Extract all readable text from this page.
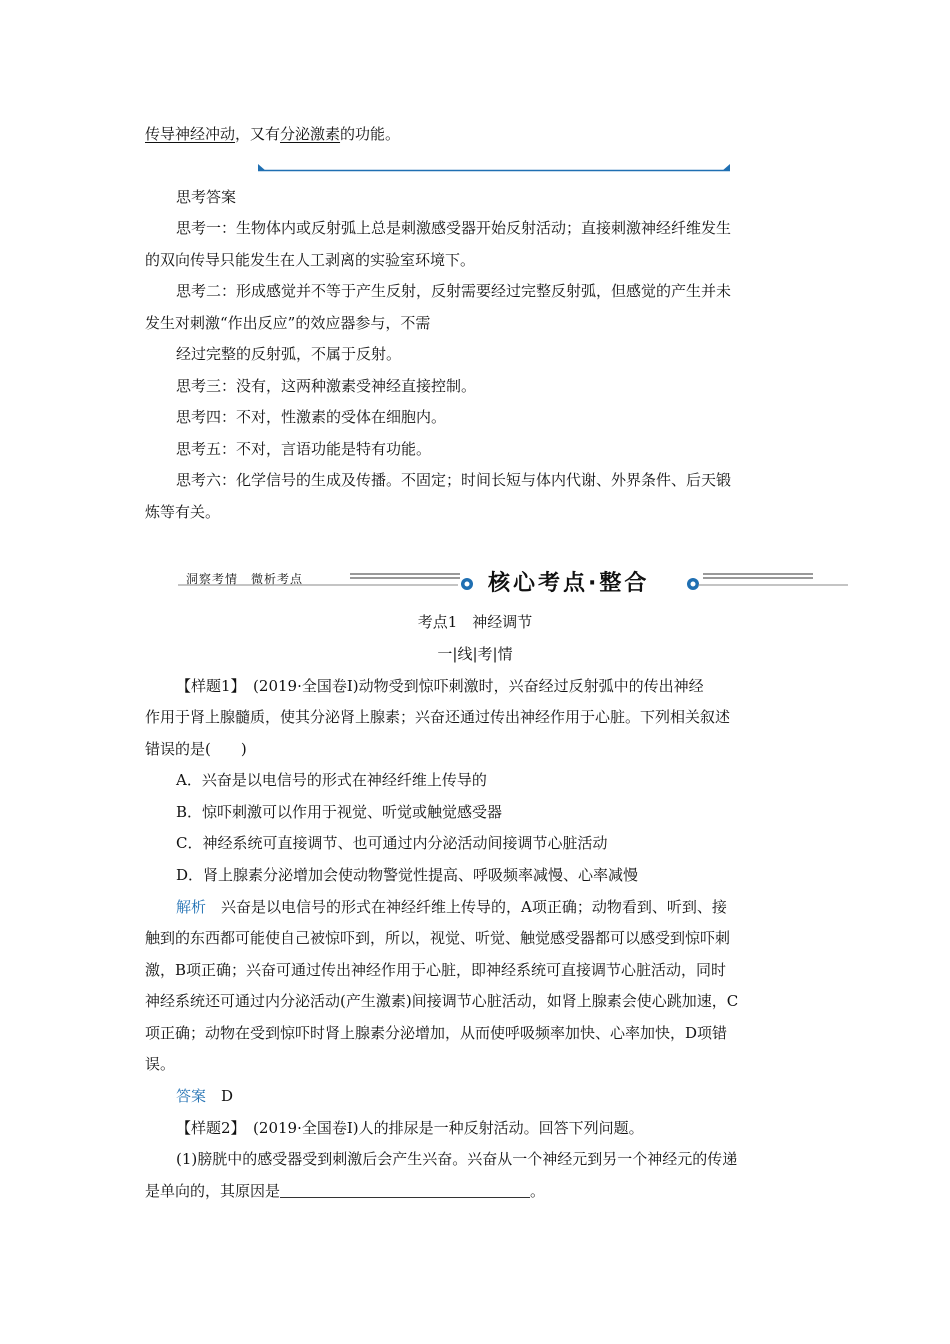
传导神经冲动，又有分泌激素的功能。
思考答案
思考一：生物体内或反射弧上总是刺激感受器开始反射活动；直接刺激神经纤维发生
的双向传导只能发生在人工剥离的实验室环境下。
思考二：形成感觉并不等于产生反射，反射需要经过完整反射弧，但感觉的产生并未
发生对刺激“作出反应”的效应器参与，不需
经过完整的反射弧，不属于反射。
思考三：没有，这两种激素受神经直接控制。
思考四：不对，性激素的受体在细胞内。
思考五：不对，言语功能是特有功能。
思考六：化学信号的生成及传播。不固定；时间长短与体内代谢、外界条件、后天锻
炼等有关。
洞察考情　微析考点	核心考点·整合
考点1　神经调节
一|线|考|情
【样题1】　(2019·全国卷Ⅰ)动物受到惊吓刺激时，兴奋经过反射弧中的传出神经
作用于肾上腺髓质，使其分泌肾上腺素；兴奋还通过传出神经作用于心脏。下列相关叙述
错误的是(　　)
A．兴奋是以电信号的形式在神经纤维上传导的
B．惊吓刺激可以作用于视觉、听觉或触觉感受器
C．神经系统可直接调节、也可通过内分泌活动间接调节心脏活动
D．肾上腺素分泌增加会使动物警觉性提高、呼吸频率减慢、心率减慢
解析　兴奋是以电信号的形式在神经纤维上传导的，A项正确；动物看到、听到、接
触到的东西都可能使自己被惊吓到，所以，视觉、听觉、触觉感受器都可以感受到惊吓刺
激，B项正确；兴奋可通过传出神经作用于心脏，即神经系统可直接调节心脏活动，同时
神经系统还可通过内分泌活动(产生激素)间接调节心脏活动，如肾上腺素会使心跳加速，C
项正确；动物在受到惊吓时肾上腺素分泌增加，从而使呼吸频率加快、心率加快，D项错
误。
答案　D
【样题2】　(2019·全国卷Ⅰ)人的排尿是一种反射活动。回答下列问题。
(1)膀胱中的感受器受到刺激后会产生兴奋。兴奋从一个神经元到另一个神经元的传递
是单向的，其原因是	。
